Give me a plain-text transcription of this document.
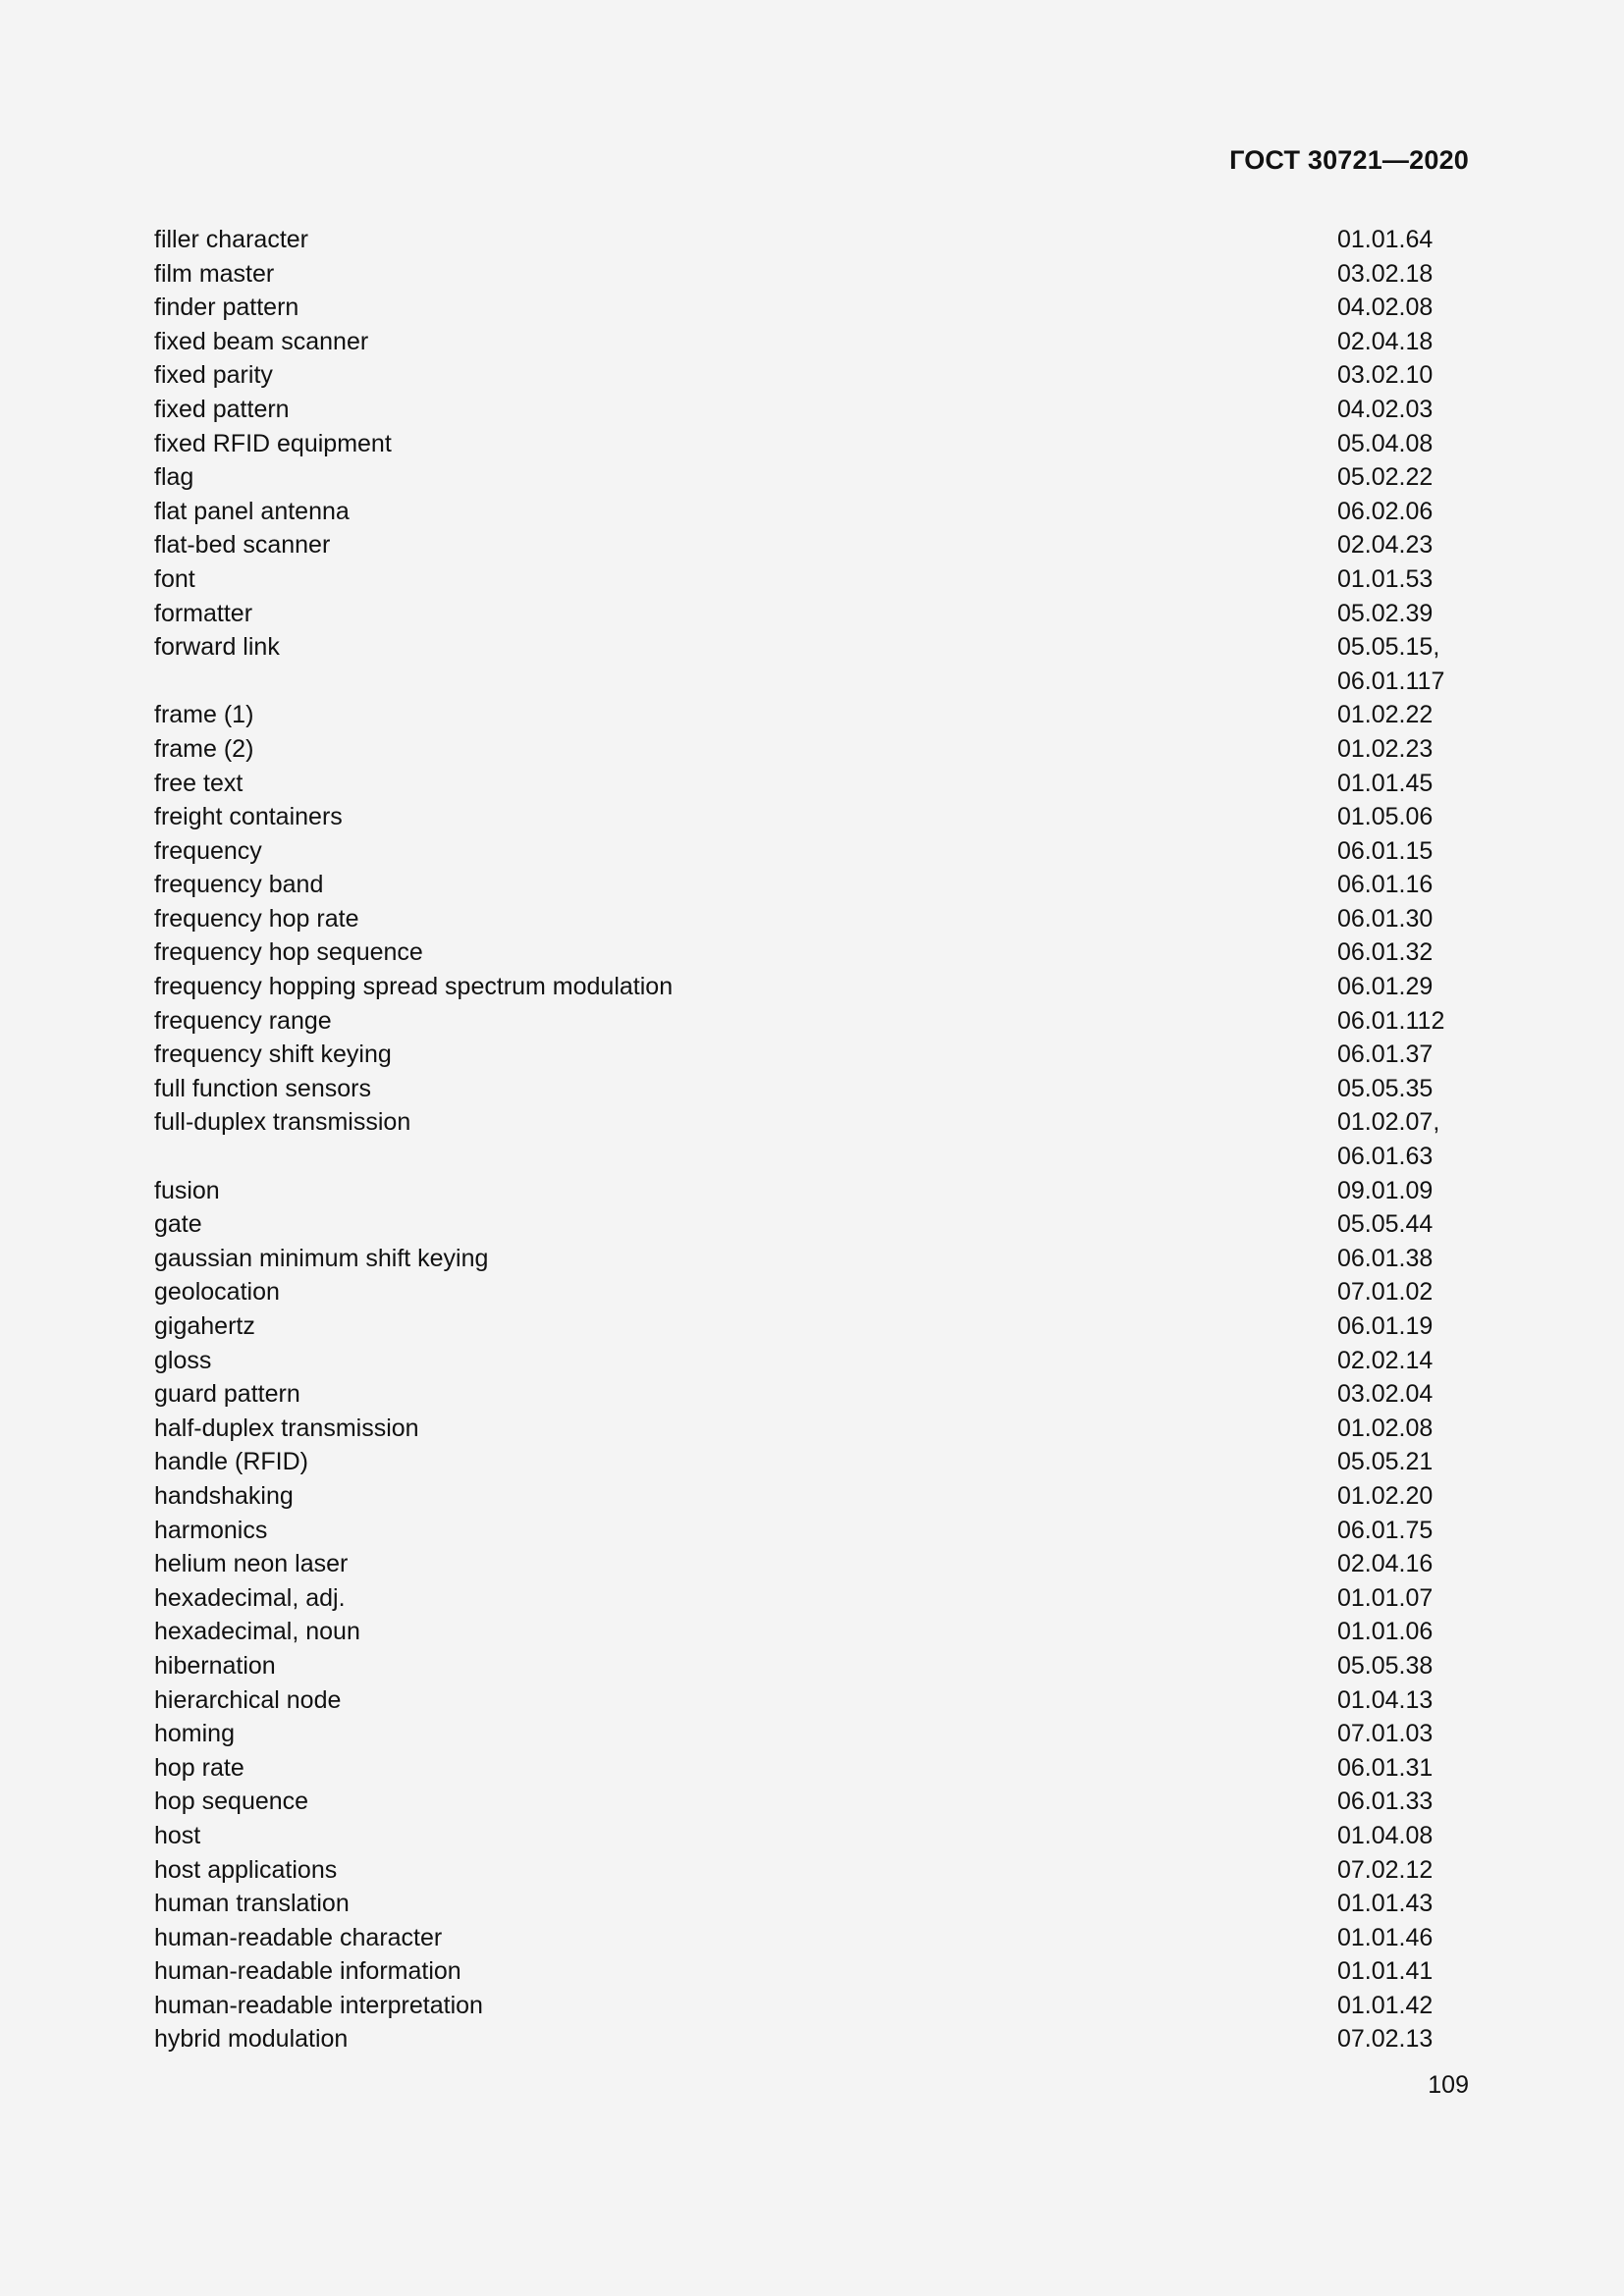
ГОСТ 30721—2020
filler character	01.01.64
film master	03.02.18
finder pattern	04.02.08
fixed beam scanner	02.04.18
fixed parity	03.02.10
fixed pattern	04.02.03
fixed RFID equipment	05.04.08
flag	05.02.22
flat panel antenna	06.02.06
flat-bed scanner	02.04.23
font	01.01.53
formatter	05.02.39
forward link	05.05.15,
06.01.117
frame (1)	01.02.22
frame (2)	01.02.23
free text	01.01.45
freight containers	01.05.06
frequency	06.01.15
frequency band	06.01.16
frequency hop rate	06.01.30
frequency hop sequence	06.01.32
frequency hopping spread spectrum modulation	06.01.29
frequency range	06.01.112
frequency shift keying	06.01.37
full function sensors	05.05.35
full-duplex transmission	01.02.07,
06.01.63
fusion	09.01.09
gate	05.05.44
gaussian minimum shift keying	06.01.38
geolocation	07.01.02
gigahertz	06.01.19
gloss	02.02.14
guard pattern	03.02.04
half-duplex transmission	01.02.08
handle (RFID)	05.05.21
handshaking	01.02.20
harmonics	06.01.75
helium neon laser	02.04.16
hexadecimal, adj.	01.01.07
hexadecimal, noun	01.01.06
hibernation	05.05.38
hierarchical node	01.04.13
homing	07.01.03
hop rate	06.01.31
hop sequence	06.01.33
host	01.04.08
host applications	07.02.12
human translation	01.01.43
human-readable character	01.01.46
human-readable information	01.01.41
human-readable interpretation	01.01.42
hybrid modulation	07.02.13
109
